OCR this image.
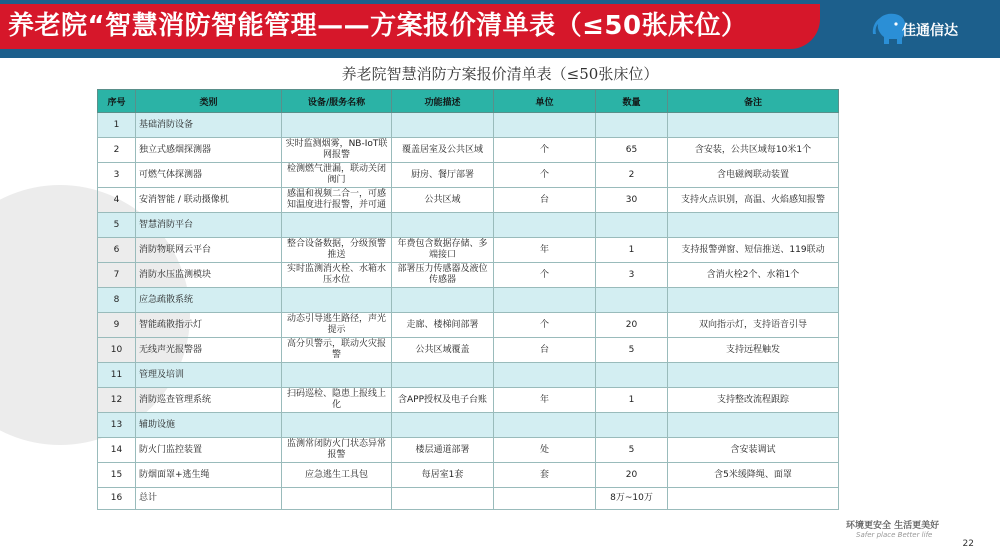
养老院“智慧消防智能管理——方案报价清单表（≤50张床位）	佳通信达
养老院智慧消防方案报价清单表（≤50张床位）
序号	类别	设备/服务名称	功能描述	单位	数量	备注
1	基础消防设备					
2	独立式感烟探测器	实时监测烟雾，NB-IoT联网报警	覆盖居室及公共区域	个	65	含安装，公共区域每10米1个
3	可燃气体探测器	检测燃气泄漏，联动关闭阀门	厨房、餐厅部署	个	2	含电磁阀联动装置
4	安消智能 / 联动摄像机	感温和视频二合一，可感知温度进行报警，并可通	公共区域	台	30	支持火点识别，高温、火焰感知报警
5	智慧消防平台					
6	消防物联网云平台	整合设备数据，分级预警推送	年费包含数据存储、多端接口	年	1	支持报警弹窗、短信推送、119联动
7	消防水压监测模块	实时监测消火栓、水箱水压水位	部署压力传感器及液位传感器	个	3	含消火栓2个、水箱1个
8	应急疏散系统					
9	智能疏散指示灯	动态引导逃生路径，声光提示	走廊、楼梯间部署	个	20	双向指示灯，支持语音引导
10	无线声光报警器	高分贝警示，联动火灾报警	公共区域覆盖	台	5	支持远程触发
11	管理及培训					
12	消防巡查管理系统	扫码巡检、隐患上报线上化	含APP授权及电子台账	年	1	支持整改流程跟踪
13	辅助设施					
14	防火门监控装置	监测常闭防火门状态异常报警	楼层通道部署	处	5	含安装调试
15	防烟面罩+逃生绳	应急逃生工具包	每居室1套	套	20	含5米缓降绳、面罩
16	总计				8万~10万	
环境更安全 生活更美好
Safer place Better life
22
